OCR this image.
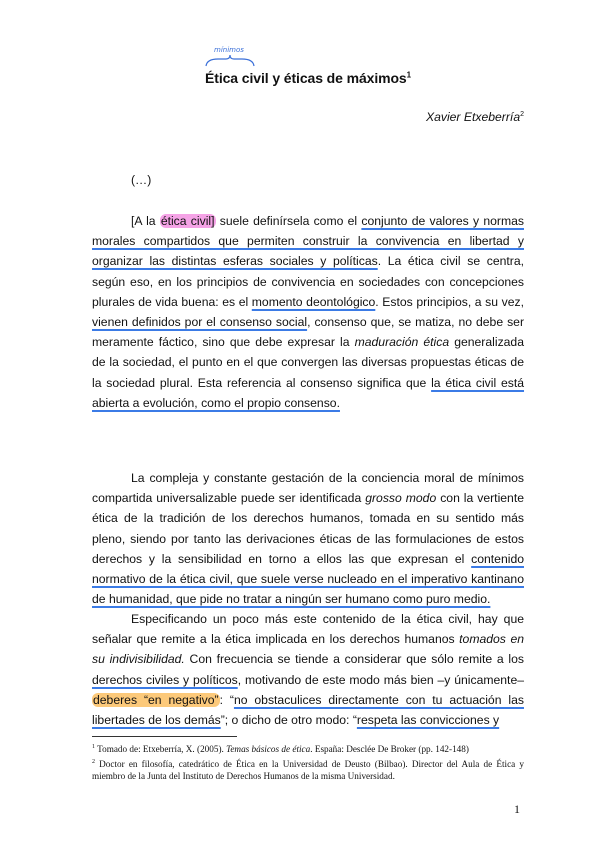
mínimos
Ética civil y éticas de máximos$^1$
Xavier Etxeberría$^2$
(…)

[A la ética civil] suele definírsela como el conjunto de valores y normas morales compartidos que permiten construir la convivencia en libertad y organizar las distintas esferas sociales y políticas. La ética civil se centra, según eso, en los principios de convivencia en sociedades con concepciones plurales de vida buena: es el momento deontológico. Estos principios, a su vez, vienen definidos por el consenso social, consenso que, se matiza, no debe ser meramente fáctico, sino que debe expresar la maduración ética generalizada de la sociedad, el punto en el que convergen las diversas propuestas éticas de la sociedad plural. Esta referencia al consenso significa que la ética civil está abierta a evolución, como el propio consenso.

La compleja y constante gestación de la conciencia moral de mínimos compartida universalizable puede ser identificada grosso modo con la vertiente ética de la tradición de los derechos humanos, tomada en su sentido más pleno, siendo por tanto las derivaciones éticas de las formulaciones de estos derechos y la sensibilidad en torno a ellos las que expresan el contenido normativo de la ética civil, que suele verse nucleado en el imperativo kantinano de humanidad, que pide no tratar a ningún ser humano como puro medio.

Especificando un poco más este contenido de la ética civil, hay que señalar que remite a la ética implicada en los derechos humanos tomados en su indivisibilidad. Con frecuencia se tiende a considerar que sólo remite a los derechos civiles y políticos, motivando de este modo más bien –y únicamente– deberes “en negativo”: “no obstaculices directamente con tu actuación las libertades de los demás”; o dicho de otro modo: “respeta las convicciones y

$^1$ Tomado de: Etxeberría, X. (2005). Temas básicos de ética. España: Desclée De Broker (pp. 142-148)

$^2$ Doctor en filosofía, catedrático de Ética en la Universidad de Deusto (Bilbao). Director del Aula de Ética y miembro de la Junta del Instituto de Derechos Humanos de la misma Universidad.

1
